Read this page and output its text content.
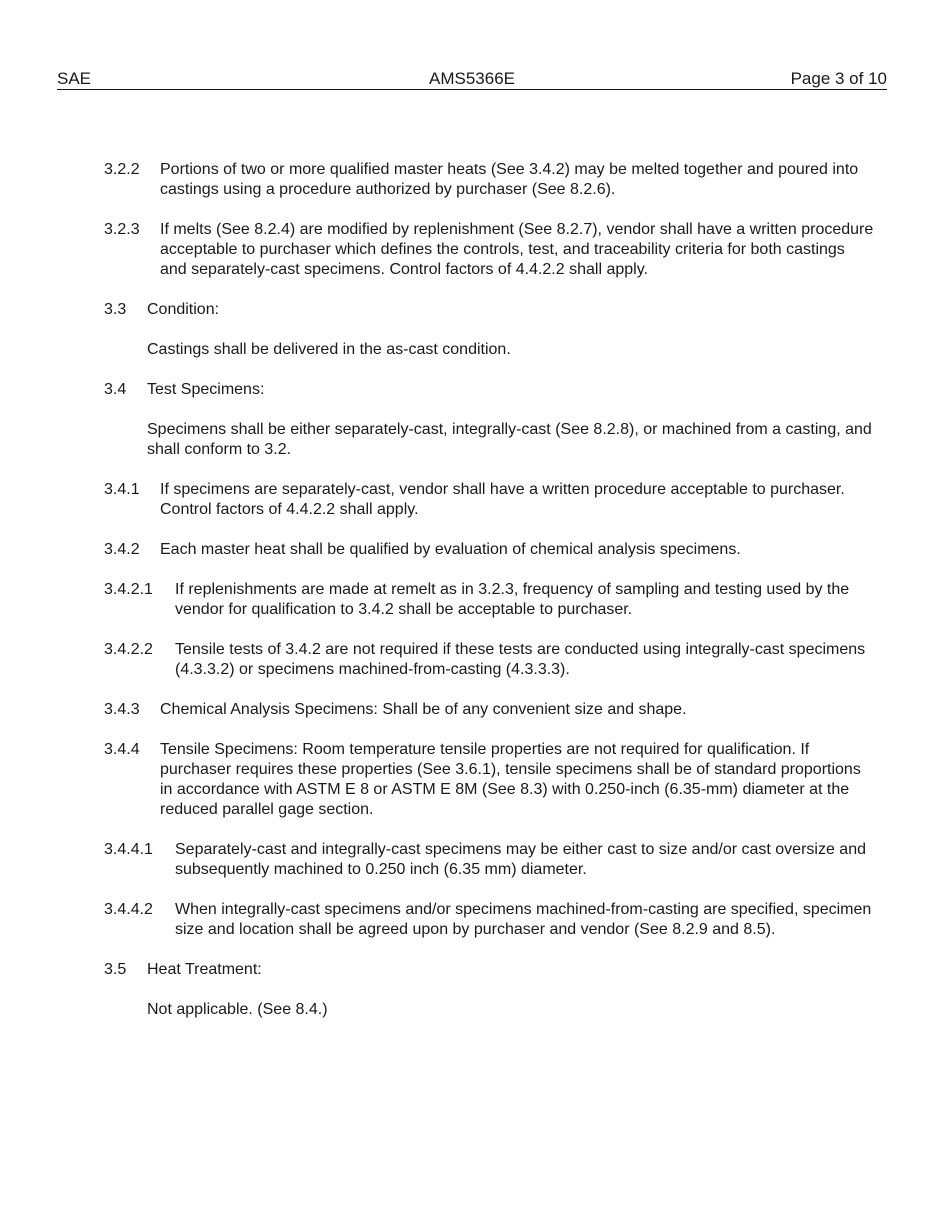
SAE	AMS5366E	Page 3 of 10
3.2.2	Portions of two or more qualified master heats (See 3.4.2) may be melted together and poured into castings using a procedure authorized by purchaser (See 8.2.6).
3.2.3	If melts (See 8.2.4) are modified by replenishment (See 8.2.7), vendor shall have a written procedure acceptable to purchaser which defines the controls, test, and traceability criteria for both castings and separately-cast specimens. Control factors of 4.4.2.2 shall apply.
3.3	Condition:
Castings shall be delivered in the as-cast condition.
3.4	Test Specimens:
Specimens shall be either separately-cast, integrally-cast (See 8.2.8), or machined from a casting, and shall conform to 3.2.
3.4.1	If specimens are separately-cast, vendor shall have a written procedure acceptable to purchaser. Control factors of 4.4.2.2 shall apply.
3.4.2	Each master heat shall be qualified by evaluation of chemical analysis specimens.
3.4.2.1	If replenishments are made at remelt as in 3.2.3, frequency of sampling and testing used by the vendor for qualification to 3.4.2 shall be acceptable to purchaser.
3.4.2.2	Tensile tests of 3.4.2 are not required if these tests are conducted using integrally-cast specimens (4.3.3.2) or specimens machined-from-casting (4.3.3.3).
3.4.3	Chemical Analysis Specimens: Shall be of any convenient size and shape.
3.4.4	Tensile Specimens: Room temperature tensile properties are not required for qualification. If purchaser requires these properties (See 3.6.1), tensile specimens shall be of standard proportions in accordance with ASTM E 8 or ASTM E 8M (See 8.3) with 0.250-inch (6.35-mm) diameter at the reduced parallel gage section.
3.4.4.1	Separately-cast and integrally-cast specimens may be either cast to size and/or cast oversize and subsequently machined to 0.250 inch (6.35 mm) diameter.
3.4.4.2	When integrally-cast specimens and/or specimens machined-from-casting are specified, specimen size and location shall be agreed upon by purchaser and vendor (See 8.2.9 and 8.5).
3.5	Heat Treatment:
Not applicable. (See 8.4.)
